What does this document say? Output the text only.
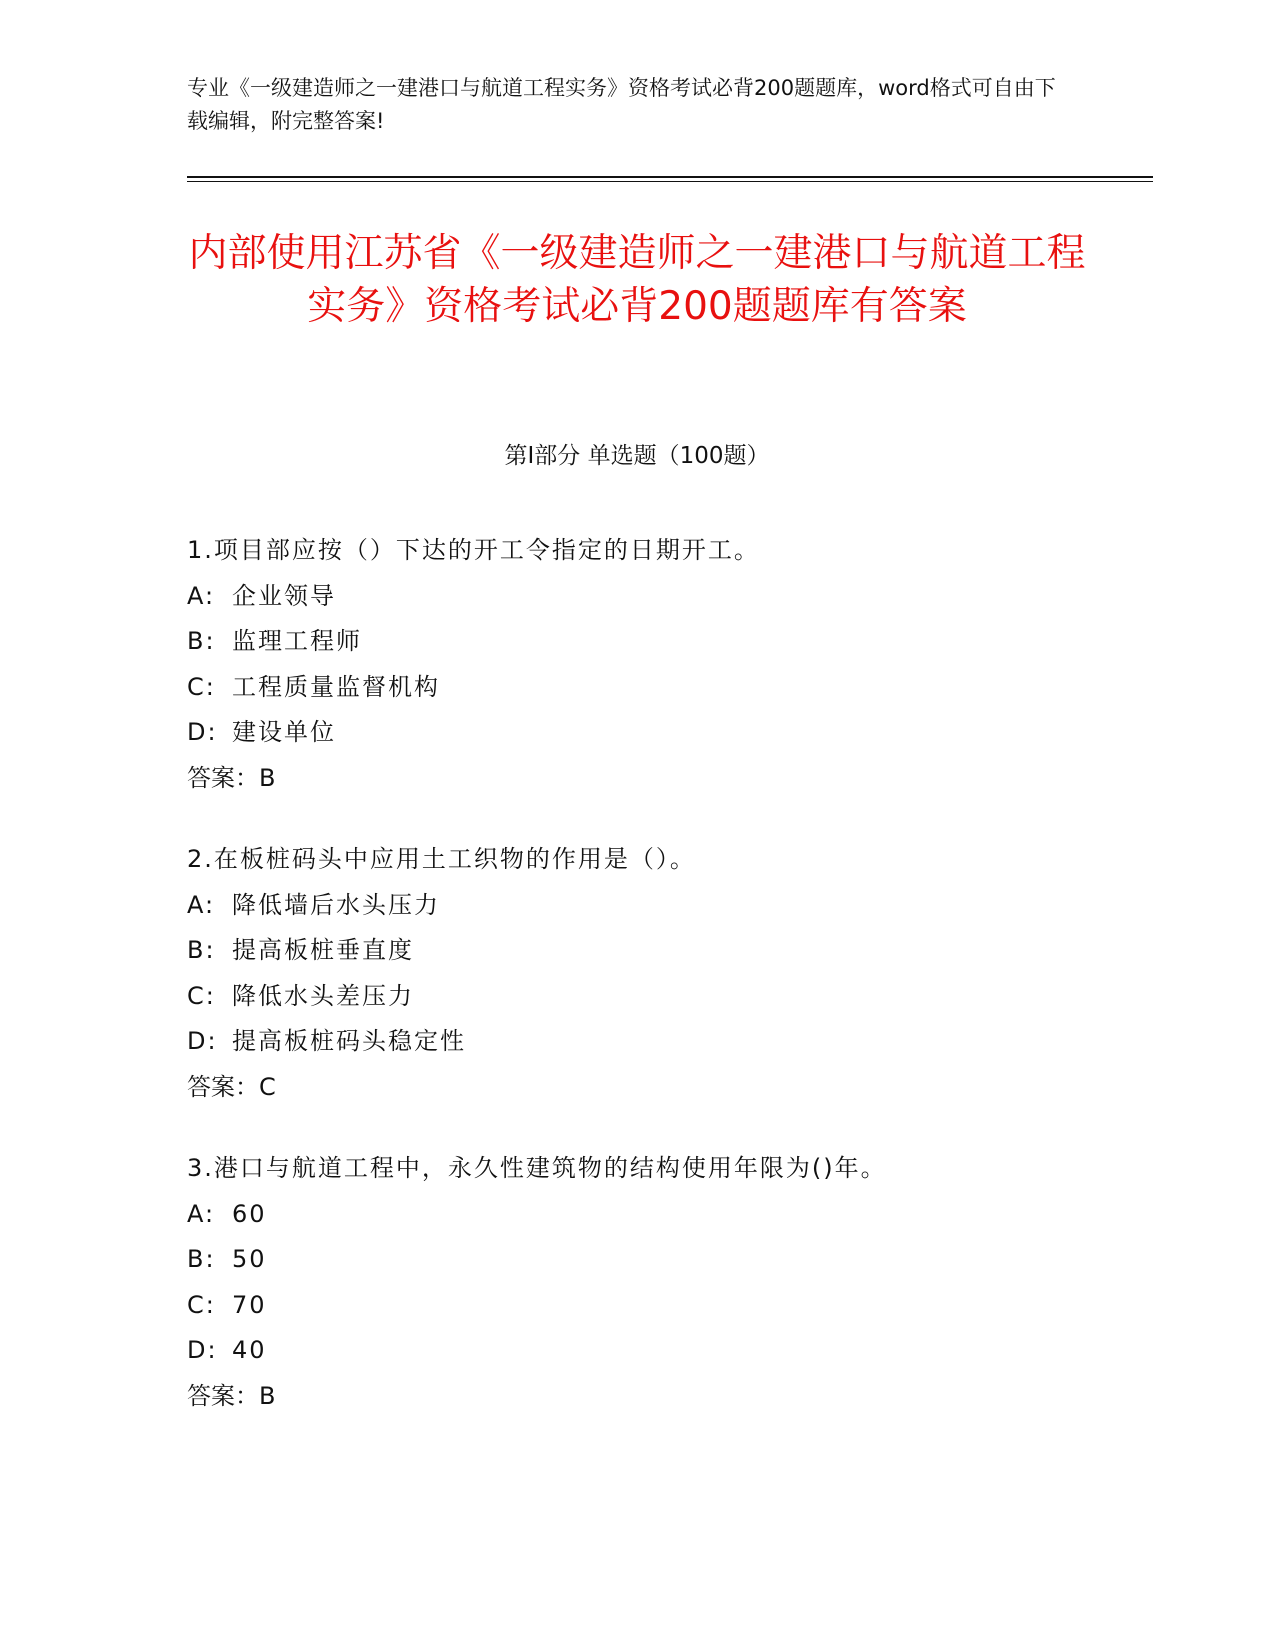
专业《一级建造师之一建港口与航道工程实务》资格考试必背200题题库，word格式可自由下载编辑，附完整答案!
内部使用江苏省《一级建造师之一建港口与航道工程实务》资格考试必背200题题库有答案
第Ⅰ部分 单选题（100题）
1.项目部应按（）下达的开工令指定的日期开工。
A: 企业领导
B: 监理工程师
C: 工程质量监督机构
D: 建设单位
答案：B
2.在板桩码头中应用土工织物的作用是（）。
A: 降低墙后水头压力
B: 提高板桩垂直度
C: 降低水头差压力
D: 提高板桩码头稳定性
答案：C
3.港口与航道工程中，永久性建筑物的结构使用年限为()年。
A: 60
B: 50
C: 70
D: 40
答案：B
